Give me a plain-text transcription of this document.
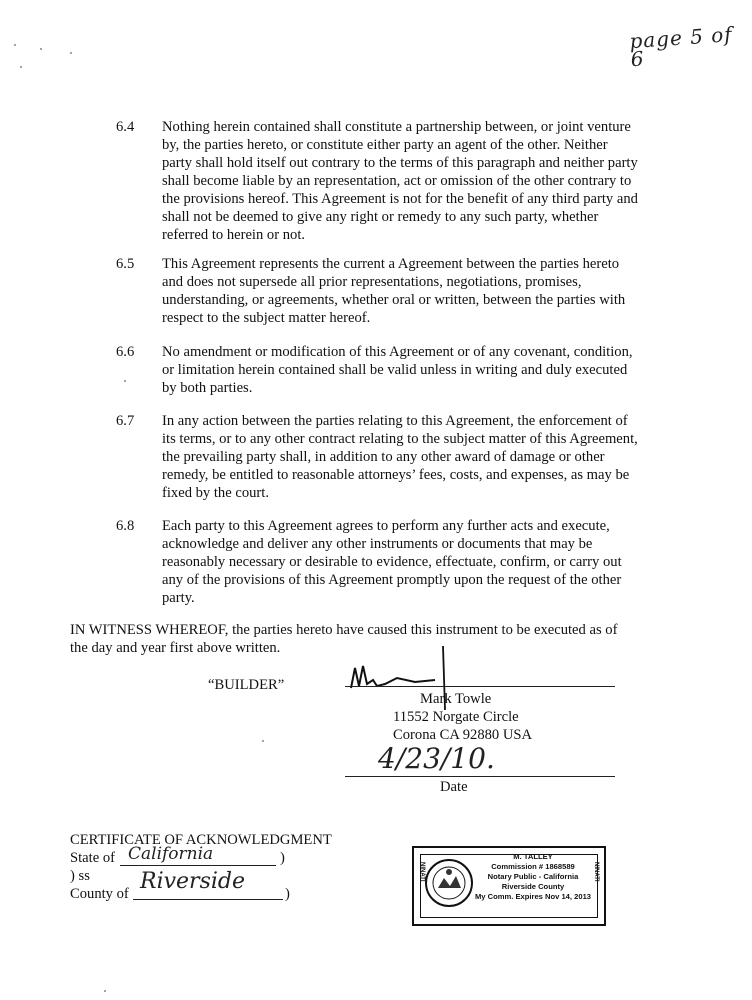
page 5 of 6
6.4	Nothing herein contained shall constitute a partnership between, or joint venture
by, the parties hereto, or constitute either party an agent of the other. Neither
party shall hold itself out contrary to the terms of this paragraph and neither party
shall become liable by an representation, act or omission of the other contrary to
the provisions hereof. This Agreement is not for the benefit of any third party and
shall not be deemed to give any right or remedy to any such party, whether
referred to herein or not.
6.5	This Agreement represents the current a Agreement between the parties hereto
and does not supersede all prior representations, negotiations, promises,
understanding, or agreements, whether oral or written, between the parties with
respect to the subject matter hereof.
6.6	No amendment or modification of this Agreement or of any covenant, condition,
or limitation herein contained shall be valid unless in writing and duly executed
by both parties.
6.7	In any action between the parties relating to this Agreement, the enforcement of
its terms, or to any other contract relating to the subject matter of this Agreement,
the prevailing party shall, in addition to any other award of damage or other
remedy, be entitled to reasonable attorneys’ fees, costs, and expenses, as may be
fixed by the court.
6.8	Each party to this Agreement agrees to perform any further acts and execute,
acknowledge and deliver any other instruments or documents that may be
reasonably necessary or desirable to evidence, effectuate, confirm, or carry out
any of the provisions of this Agreement promptly upon the request of the other
party.
IN WITNESS WHEREOF, the parties hereto have caused this instrument to be executed as of
the day and year first above written.
“BUILDER”
Mark Towle
11552 Norgate Circle
Corona CA 92880 USA
4/23/10.
Date
CERTIFICATE OF ACKNOWLEDGMENT
State of California	)
) ss
County of Riverside	)
NINATI	NINATI
M. TALLEY
Commission # 1868589
Notary Public - California
Riverside County
My Comm. Expires Nov 14, 2013
